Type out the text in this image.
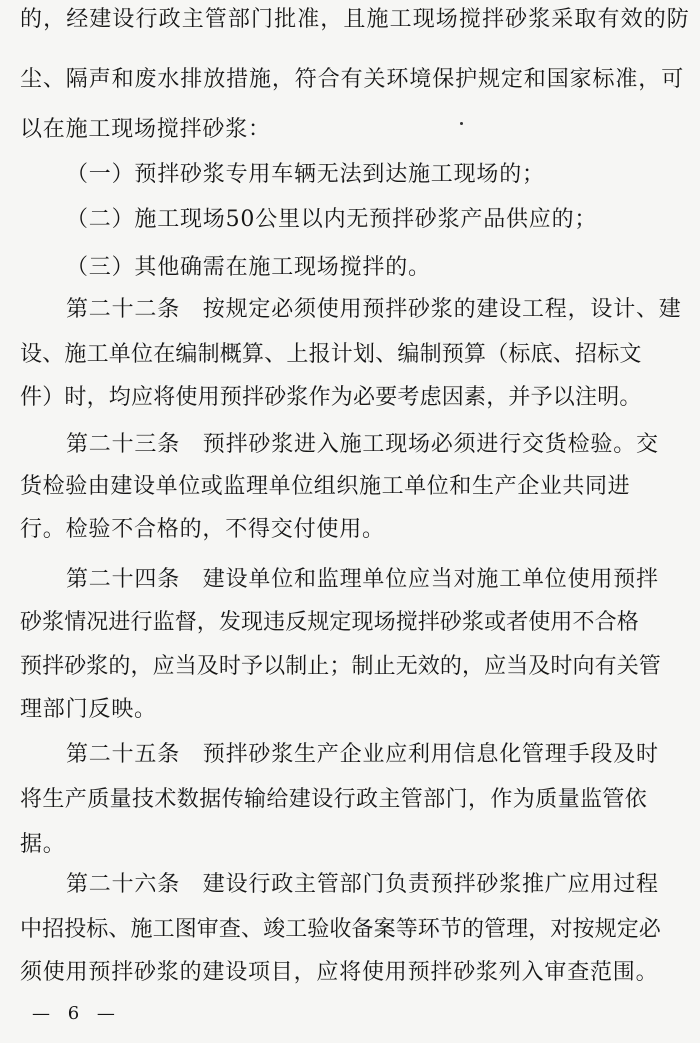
的，经建设行政主管部门批准，且施工现场搅拌砂浆采取有效的防
尘、隔声和废水排放措施，符合有关环境保护规定和国家标准，可
以在施工现场搅拌砂浆：
（一）预拌砂浆专用车辆无法到达施工现场的；
（二）施工现场50公里以内无预拌砂浆产品供应的；
（三）其他确需在施工现场搅拌的。
第二十二条　按规定必须使用预拌砂浆的建设工程，设计、建
设、施工单位在编制概算、上报计划、编制预算（标底、招标文
件）时，均应将使用预拌砂浆作为必要考虑因素，并予以注明。
第二十三条　预拌砂浆进入施工现场必须进行交货检验。交
货检验由建设单位或监理单位组织施工单位和生产企业共同进
行。检验不合格的，不得交付使用。
第二十四条　建设单位和监理单位应当对施工单位使用预拌
砂浆情况进行监督，发现违反规定现场搅拌砂浆或者使用不合格
预拌砂浆的，应当及时予以制止；制止无效的，应当及时向有关管
理部门反映。
第二十五条　预拌砂浆生产企业应利用信息化管理手段及时
将生产质量技术数据传输给建设行政主管部门，作为质量监管依
据。
第二十六条　建设行政主管部门负责预拌砂浆推广应用过程
中招投标、施工图审查、竣工验收备案等环节的管理，对按规定必
须使用预拌砂浆的建设项目，应将使用预拌砂浆列入审查范围。
— 6 —
